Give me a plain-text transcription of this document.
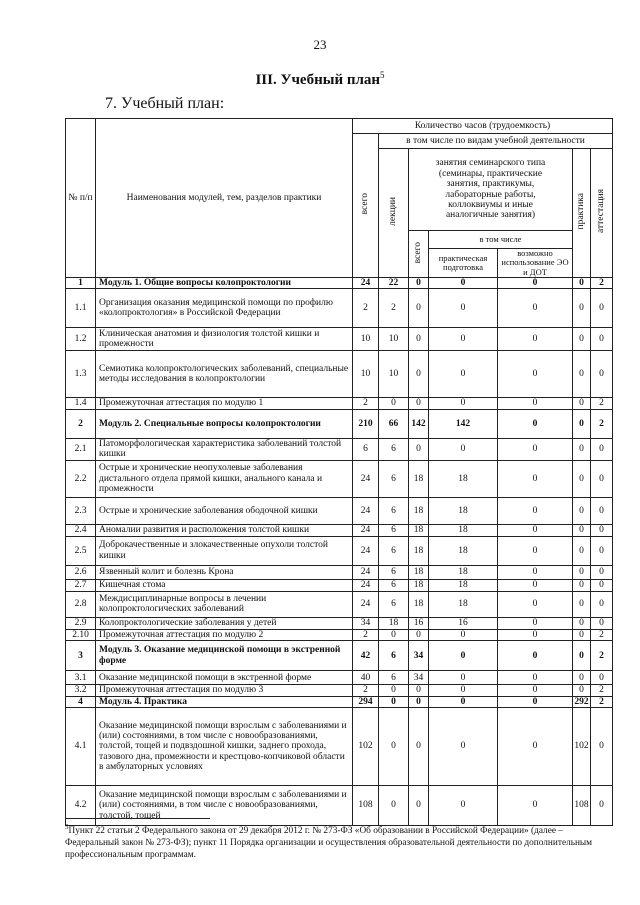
23
III. Учебный план$^5$
7. Учебный план:
№ п/п	Наименования модулей, тем, разделов практики	Количество часов (трудоемкость)						
		всего	в том числе по видам учебной деятельности					
			лекции	занятия семинарского типа (семинары, практические занятия, практикумы, лабораторные работы, коллоквиумы и иные аналогичные занятия)			практика	аттестация
				всего	в том числе			
					практическая подготовка	возможно использование ЭО и ДОТ		
1	Модуль 1. Общие вопросы колопроктологии	24	22	0	0	0	0	2
1.1	Организация оказания медицинской помощи по профилю «колопроктология» в Российской Федерации	2	2	0	0	0	0	0
1.2	Клиническая анатомия и физиология толстой кишки и промежности	10	10	0	0	0	0	0
1.3	Семиотика колопроктологических заболеваний, специальные методы исследования в колопроктологии	10	10	0	0	0	0	0
1.4	Промежуточная аттестация по модулю 1	2	0	0	0	0	0	2
2	Модуль 2. Специальные вопросы колопроктологии	210	66	142	142	0	0	2
2.1	Патоморфологическая характеристика заболеваний толстой кишки	6	6	0	0	0	0	0
2.2	Острые и хронические неопухолевые заболевания дистального отдела прямой кишки, анального канала и промежности	24	6	18	18	0	0	0
2.3	Острые и хронические заболевания ободочной кишки	24	6	18	18	0	0	0
2.4	Аномалии развития и расположения толстой кишки	24	6	18	18	0	0	0
2.5	Доброкачественные и злокачественные опухоли толстой кишки	24	6	18	18	0	0	0
2.6	Язвенный колит и болезнь Крона	24	6	18	18	0	0	0
2.7	Кишечная стома	24	6	18	18	0	0	0
2.8	Междисциплинарные вопросы в лечении колопроктологических заболеваний	24	6	18	18	0	0	0
2.9	Колопроктологические заболевания у детей	34	18	16	16	0	0	0
2.10	Промежуточная аттестация по модулю 2	2	0	0	0	0	0	2
3	Модуль 3. Оказание медицинской помощи в экстренной форме	42	6	34	0	0	0	2
3.1	Оказание медицинской помощи в экстренной форме	40	6	34	0	0	0	0
3.2	Промежуточная аттестация по модулю 3	2	0	0	0	0	0	2
4	Модуль 4. Практика	294	0	0	0	0	292	2
4.1	Оказание медицинской помощи взрослым с заболеваниями и (или) состояниями, в том числе с новообразованиями, толстой, тощей и подвздошной кишки, заднего прохода, тазового дна, промежности и крестцово-копчиковой области в амбулаторных условиях	102	0	0	0	0	102	0
4.2	Оказание медицинской помощи взрослым с заболеваниями и (или) состояниями, в том числе с новообразованиями, толстой, тощей	108	0	0	0	0	108	0
$^5$Пункт 22 статьи 2 Федерального закона от 29 декабря 2012 г. № 273-ФЗ «Об образовании в Российской Федерации» (далее – Федеральный закон № 273-ФЗ); пункт 11 Порядка организации и осуществления образовательной деятельности по дополнительным профессиональным программам.
